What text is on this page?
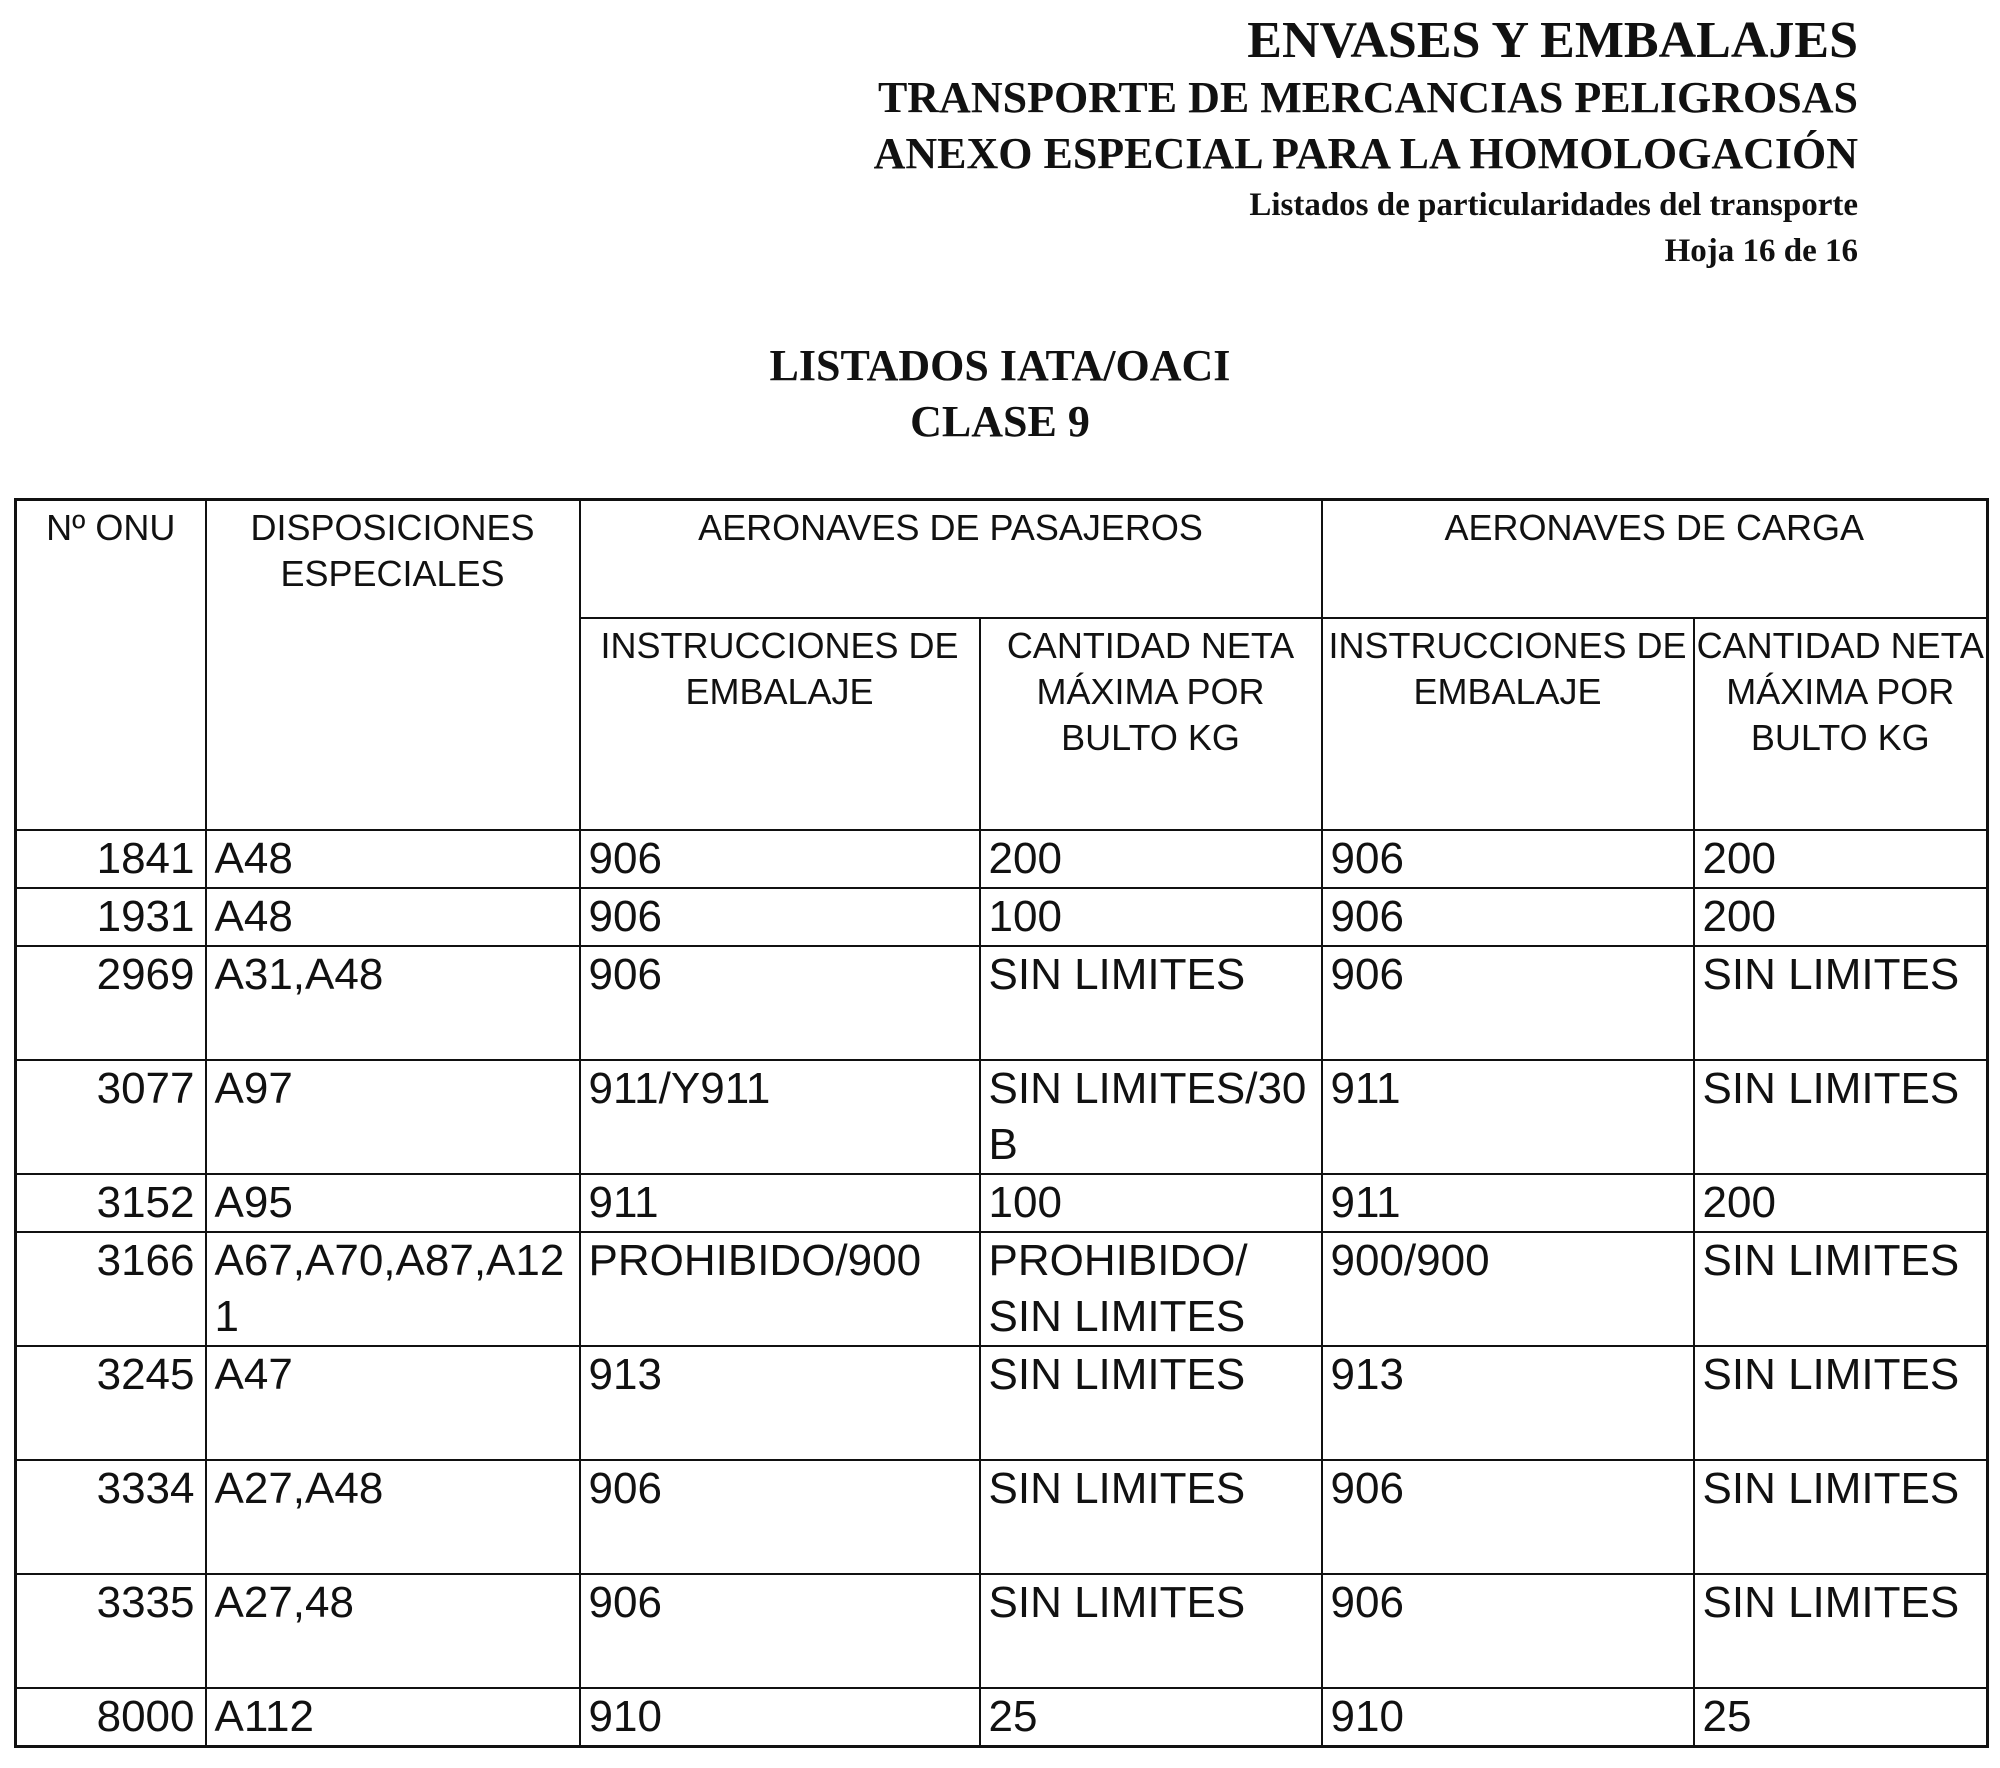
ENVASES Y EMBALAJES
TRANSPORTE DE MERCANCIAS PELIGROSAS
ANEXO ESPECIAL PARA LA HOMOLOGACIÓN
Listados de particularidades del transporte
Hoja 16 de 16
LISTADOS IATA/OACI
CLASE 9
Nº ONU	DISPOSICIONES ESPECIALES	AERONAVES DE PASAJEROS		AERONAVES DE CARGA	
		INSTRUCCIONES DE EMBALAJE	CANTIDAD NETA MÁXIMA POR BULTO KG	INSTRUCCIONES DE EMBALAJE	CANTIDAD NETA MÁXIMA POR BULTO KG
1841	A48	906	200	906	200
1931	A48	906	100	906	200
2969	A31,A48	906	SIN LIMITES	906	SIN LIMITES
3077	A97	911/Y911	SIN LIMITES/30 B	911	SIN LIMITES
3152	A95	911	100	911	200
3166	A67,A70,A87,A121	PROHIBIDO/900	PROHIBIDO/ SIN LIMITES	900/900	SIN LIMITES
3245	A47	913	SIN LIMITES	913	SIN LIMITES
3334	A27,A48	906	SIN LIMITES	906	SIN LIMITES
3335	A27,48	906	SIN LIMITES	906	SIN LIMITES
8000	A112	910	25	910	25
